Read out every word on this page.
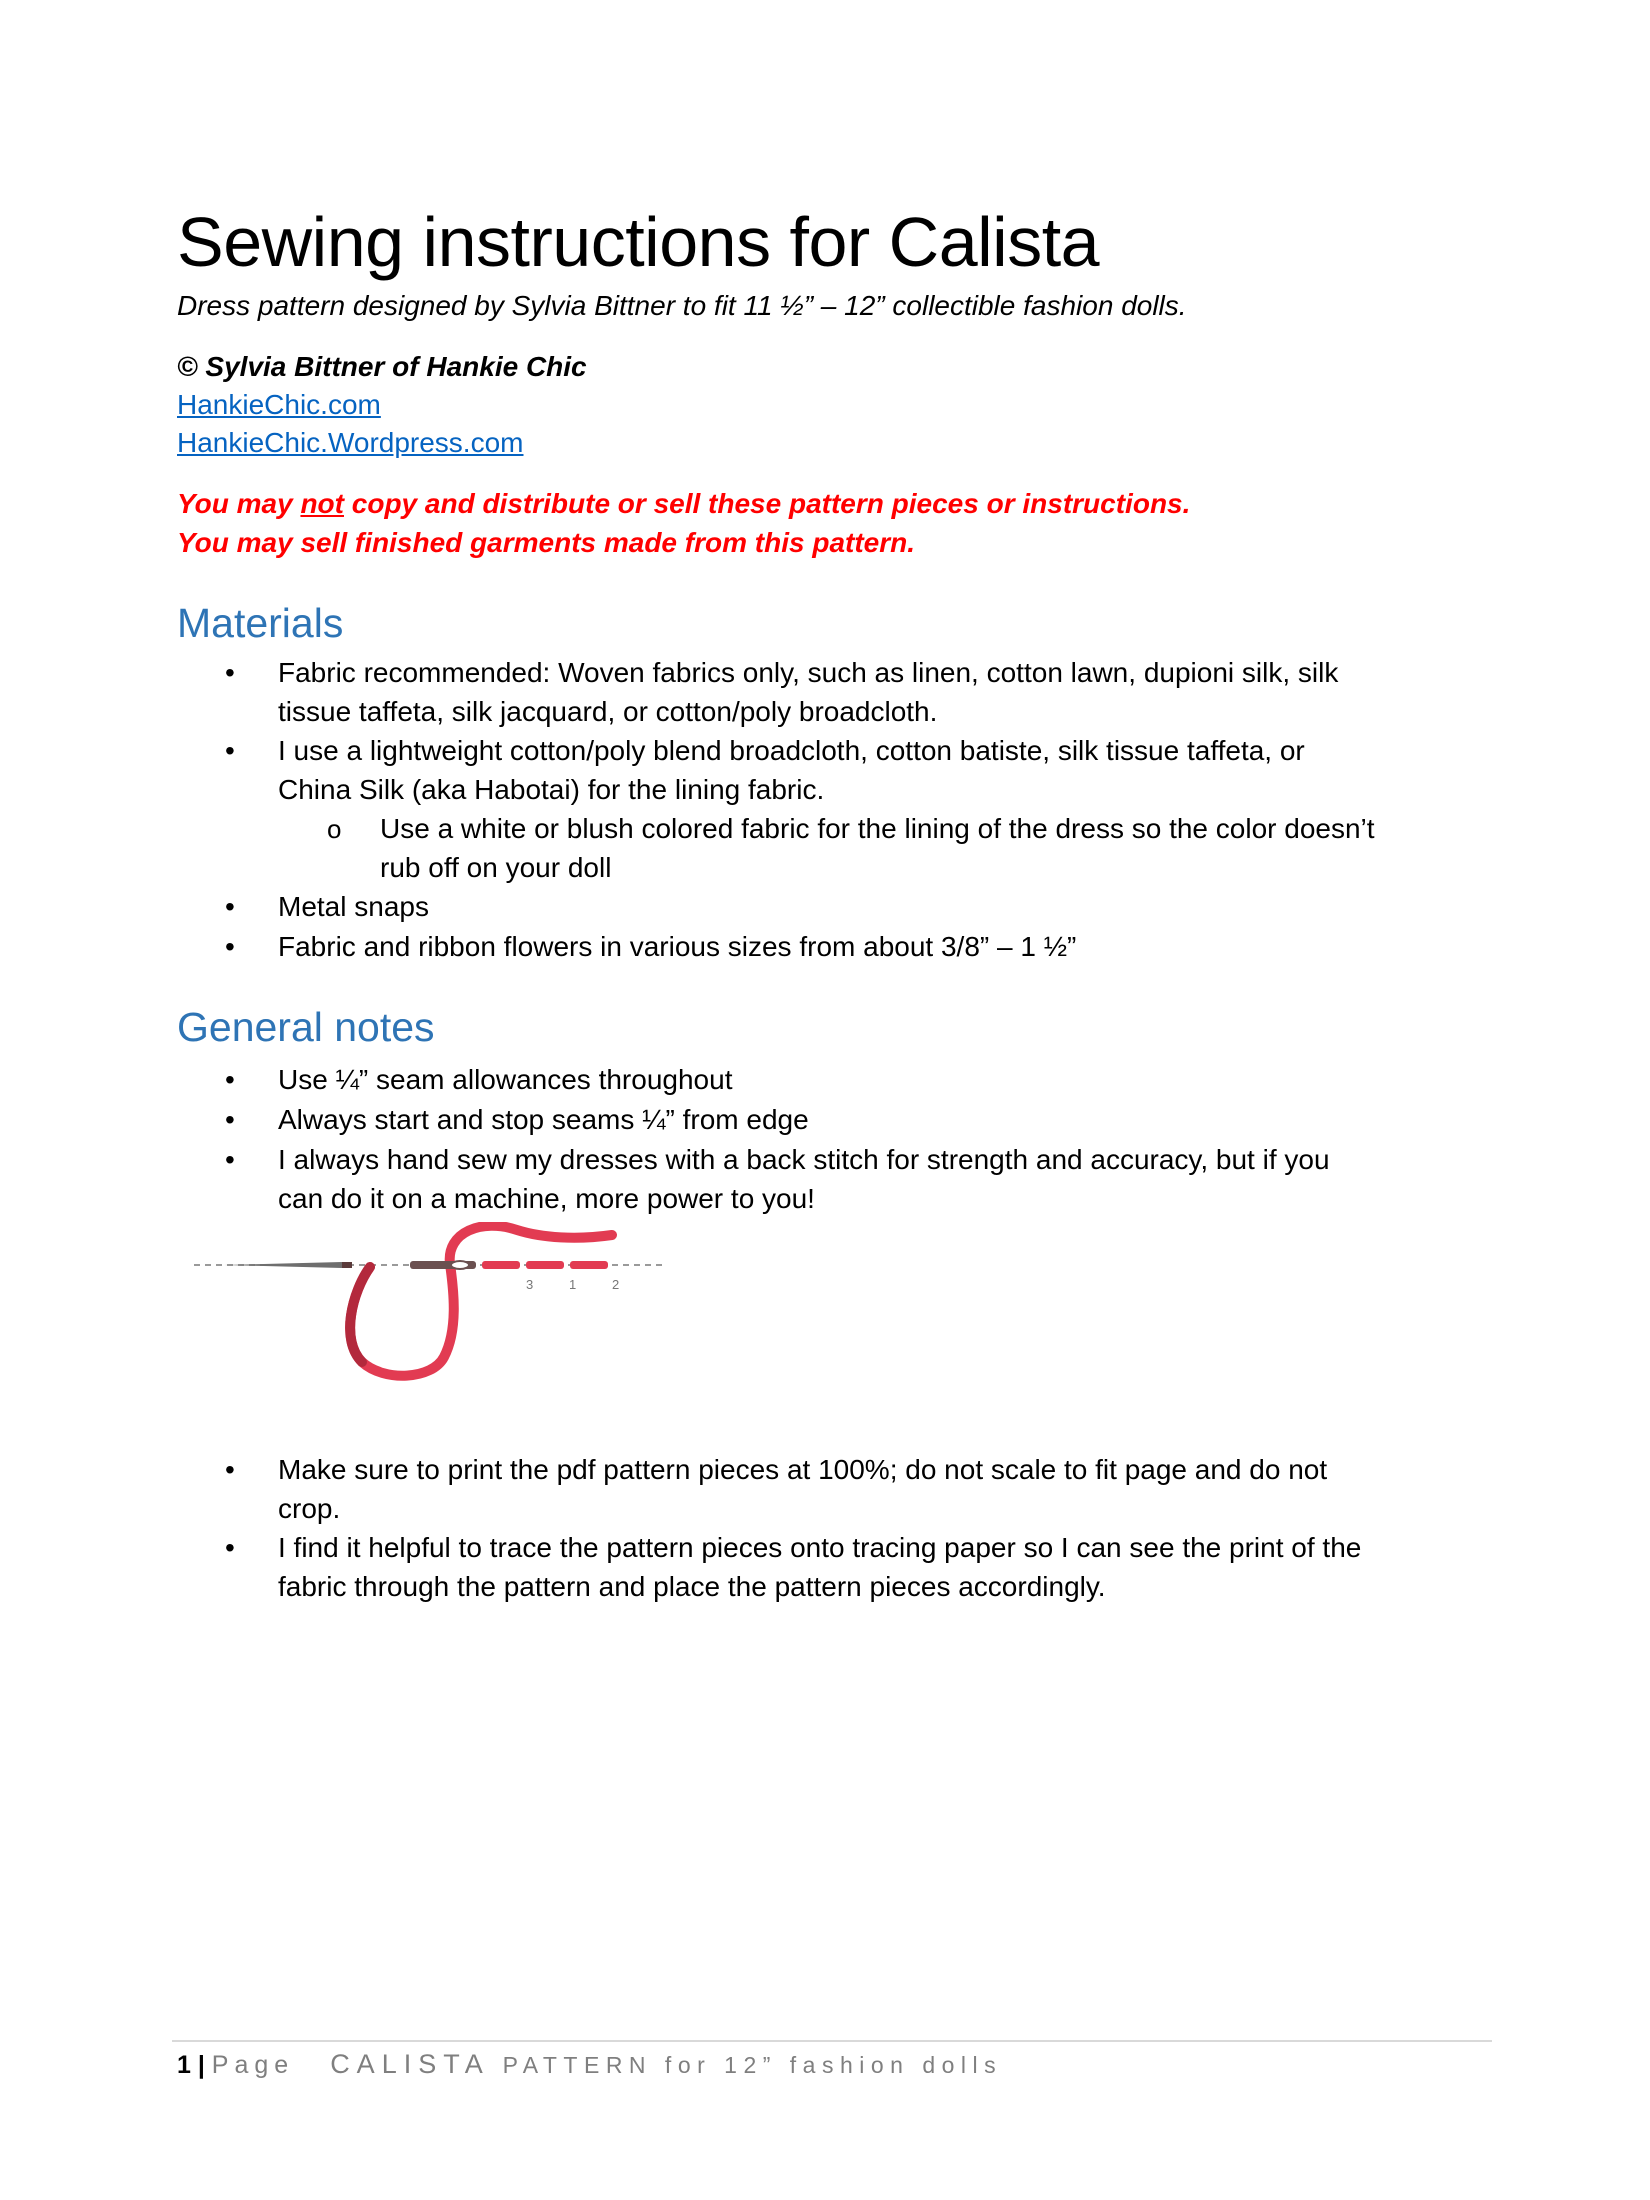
Sewing instructions for Calista
Dress pattern designed by Sylvia Bittner to fit 11 ½” – 12” collectible fashion dolls.
© Sylvia Bittner of Hankie Chic
HankieChic.com
HankieChic.Wordpress.com
You may not copy and distribute or sell these pattern pieces or instructions.
You may sell finished garments made from this pattern.
Materials
• Fabric recommended: Woven fabrics only, such as linen, cotton lawn, dupioni silk, silk
tissue taffeta, silk jacquard, or cotton/poly broadcloth.
• I use a lightweight cotton/poly blend broadcloth, cotton batiste, silk tissue taffeta, or
China Silk (aka Habotai) for the lining fabric.
o Use a white or blush colored fabric for the lining of the dress so the color doesn’t
rub off on your doll
• Metal snaps
• Fabric and ribbon flowers in various sizes from about 3/8” – 1 ½”
General notes
• Use ¼” seam allowances throughout
• Always start and stop seams ¼” from edge
• I always hand sew my dresses with a back stitch for strength and accuracy, but if you
can do it on a machine, more power to you!
3	1	2
• Make sure to print the pdf pattern pieces at 100%; do not scale to fit page and do not
crop.
• I find it helpful to trace the pattern pieces onto tracing paper so I can see the print of the
fabric through the pattern and place the pattern pieces accordingly.
1 | Page CALISTA PATTERN for 12” fashion dolls
